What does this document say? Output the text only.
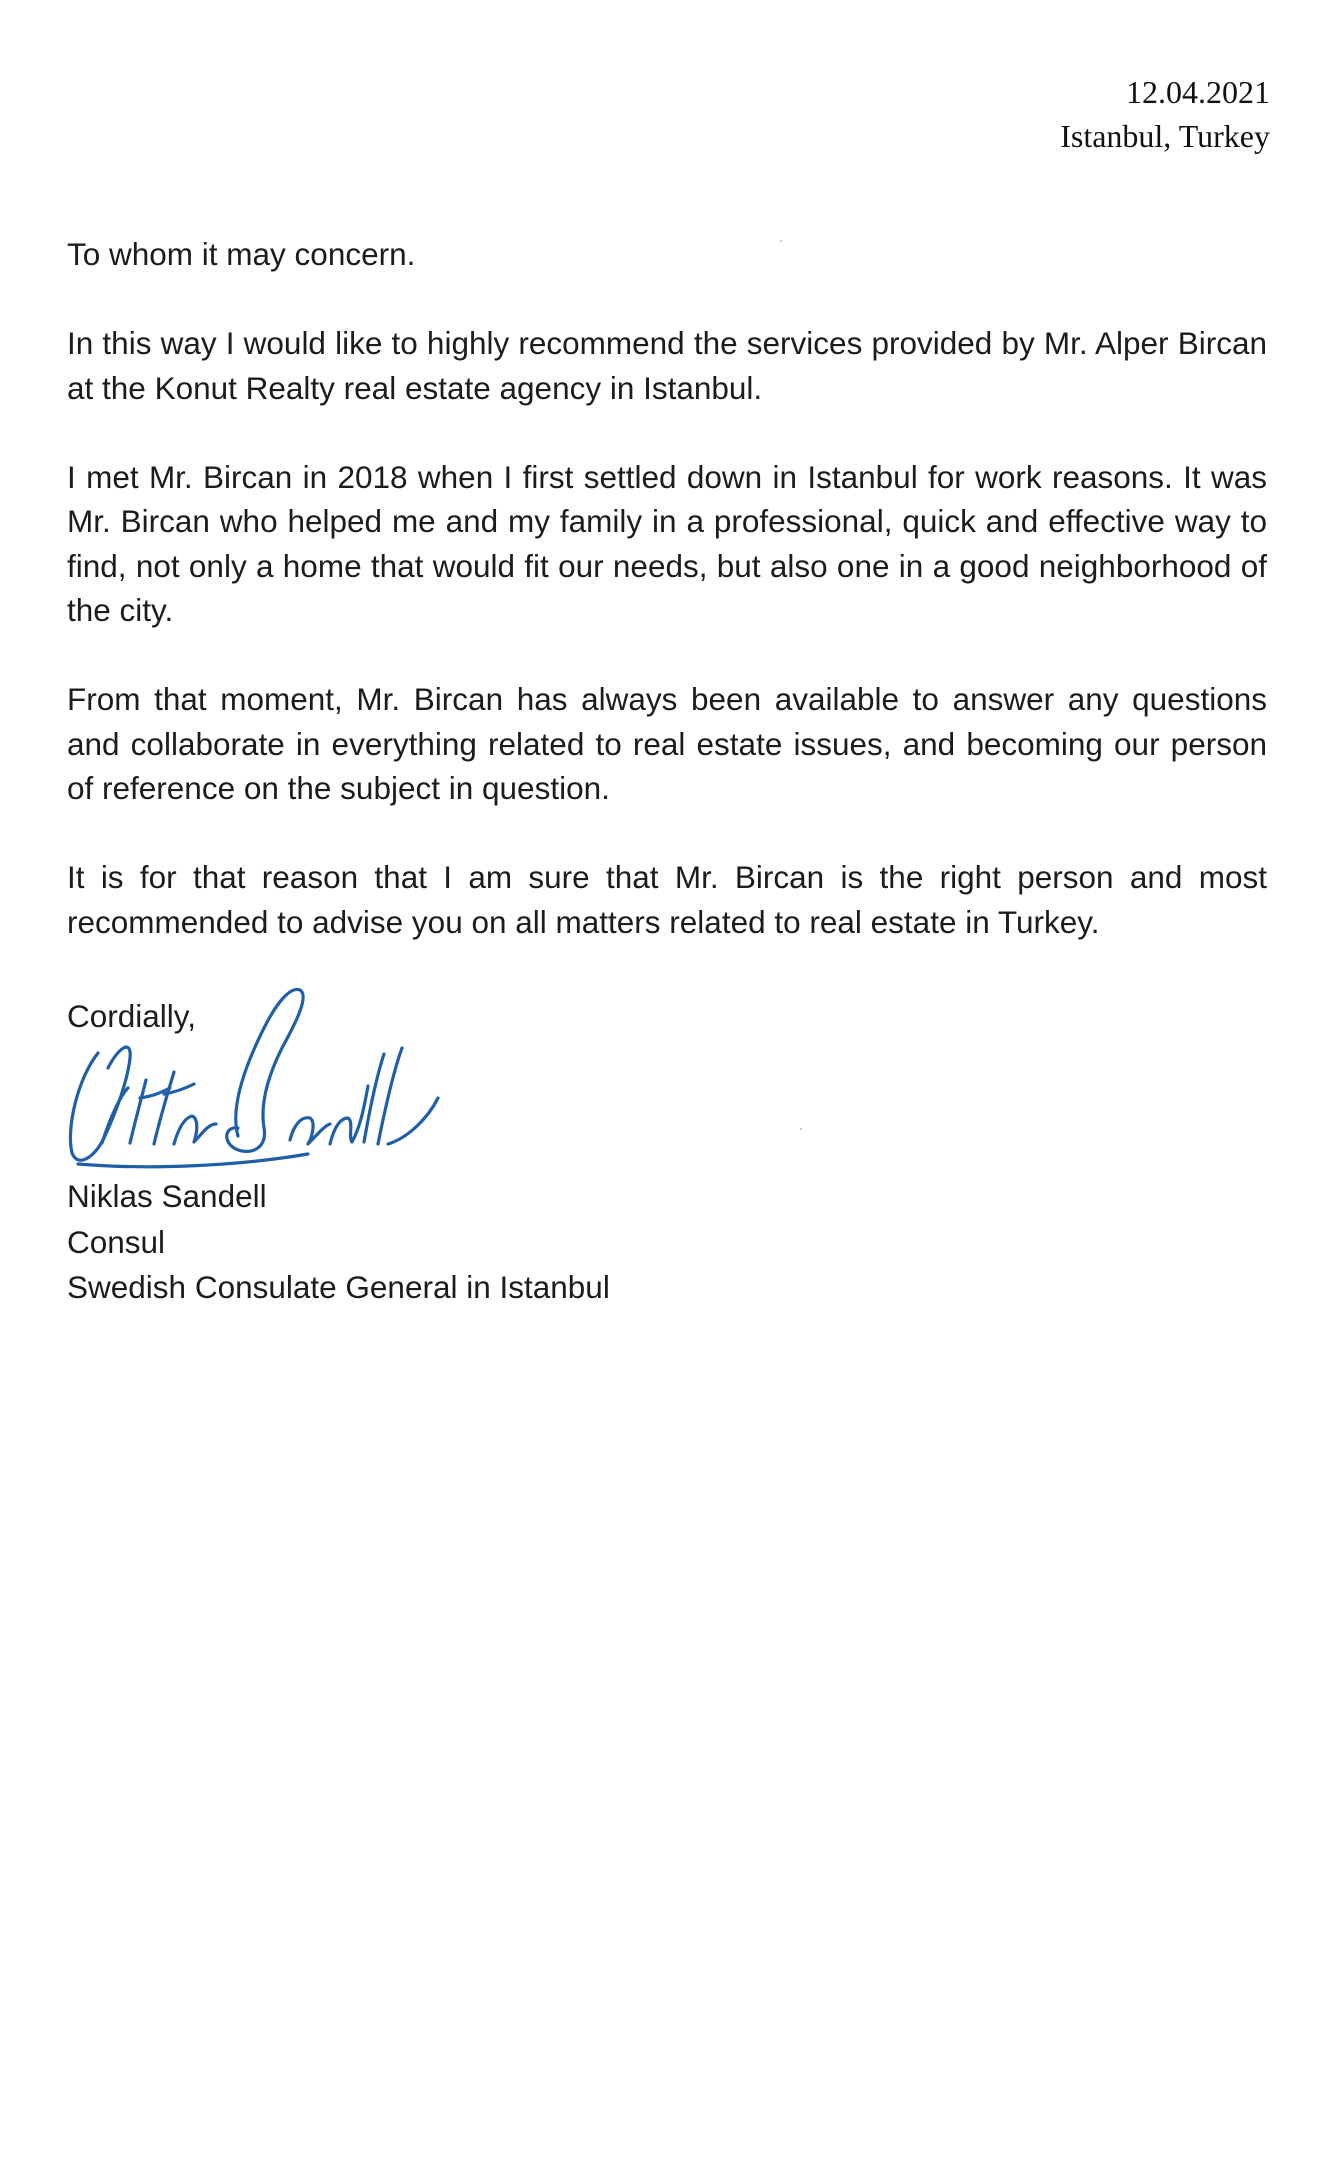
12.04.2021
Istanbul, Turkey

To whom it may concern.

In this way I would like to highly recommend the services provided by Mr. Alper Bircan at the Konut Realty real estate agency in Istanbul.

I met Mr. Bircan in 2018 when I first settled down in Istanbul for work reasons. It was Mr. Bircan who helped me and my family in a professional, quick and effective way to find, not only a home that would fit our needs, but also one in a good neighborhood of the city.

From that moment, Mr. Bircan has always been available to answer any questions and collaborate in everything related to real estate issues, and becoming our person of reference on the subject in question.

It is for that reason that I am sure that Mr. Bircan is the right person and most recommended to advise you on all matters related to real estate in Turkey.

Cordially,
Niklas Sandell
Consul
Swedish Consulate General in Istanbul
